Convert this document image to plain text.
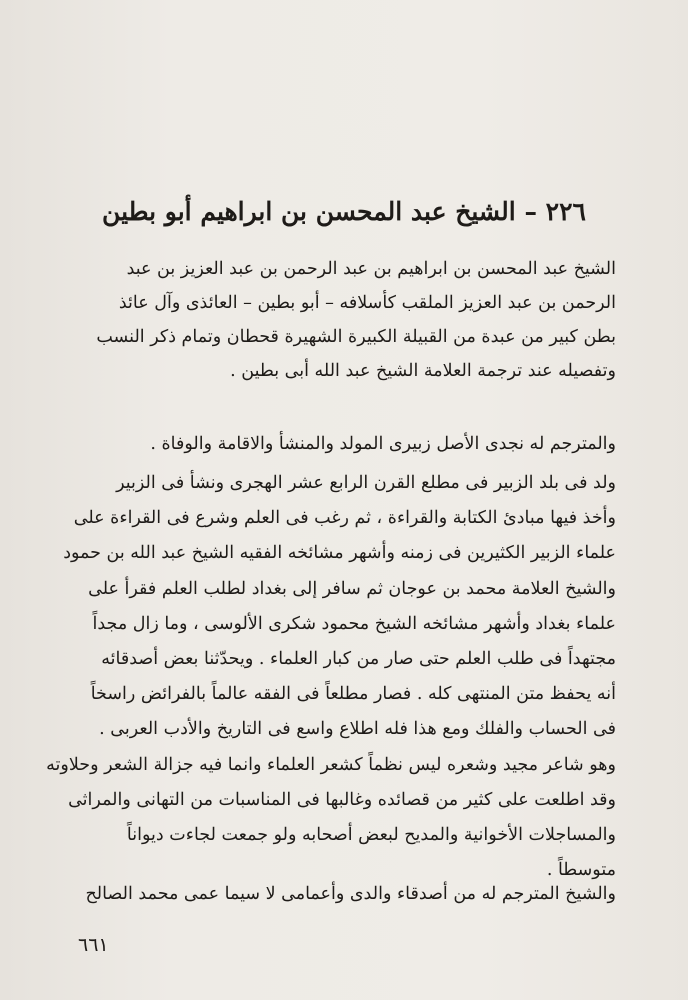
٢٢٦ – الشيخ عبد المحسن بن ابراهيم أبو بطين
الشيخ عبد المحسن بن ابراهيم بن عبد الرحمن بن عبد العزيز بن عبد
الرحمن بن عبد العزيز الملقب كأسلافه – أبو بطين – العائذى وآل عائذ
بطن كبير من عبدة من القبيلة الكبيرة الشهيرة قحطان وتمام ذكر النسب
وتفصيله عند ترجمة العلامة الشيخ عبد الله أبى بطين .
والمترجم له نجدى الأصل زبيرى المولد والمنشأ والاقامة والوفاة .
ولد فى بلد الزبير فى مطلع القرن الرابع عشر الهجرى ونشأ فى الزبير
وأخذ فيها مبادئ الكتابة والقراءة ، ثم رغب فى العلم وشرع فى القراءة على
علماء الزبير الكثيرين فى زمنه وأشهر مشائخه الفقيه الشيخ عبد الله بن حمود
والشيخ العلامة محمد بن عوجان ثم سافر إلى بغداد لطلب العلم فقرأ على
علماء بغداد وأشهر مشائخه الشيخ محمود شكرى الألوسى ، وما زال مجداً
مجتهداً فى طلب العلم حتى صار من كبار العلماء . ويحدّثنا بعض أصدقائه
أنه يحفظ متن المنتهى كله . فصار مطلعاً فى الفقه عالماً بالفرائض راسخاً
فى الحساب والفلك ومع هذا فله اطلاع واسع فى التاريخ والأدب العربى .
وهو شاعر مجيد وشعره ليس نظماً كشعر العلماء وانما فيه جزالة الشعر وحلاوته
وقد اطلعت على كثير من قصائده وغالبها فى المناسبات من التهانى والمراثى
والمساجلات الأخوانية والمديح لبعض أصحابه ولو جمعت لجاءت ديواناً
متوسطاً .
والشيخ المترجم له من أصدقاء والدى وأعمامى لا سيما عمى محمد الصالح
٦٦١
